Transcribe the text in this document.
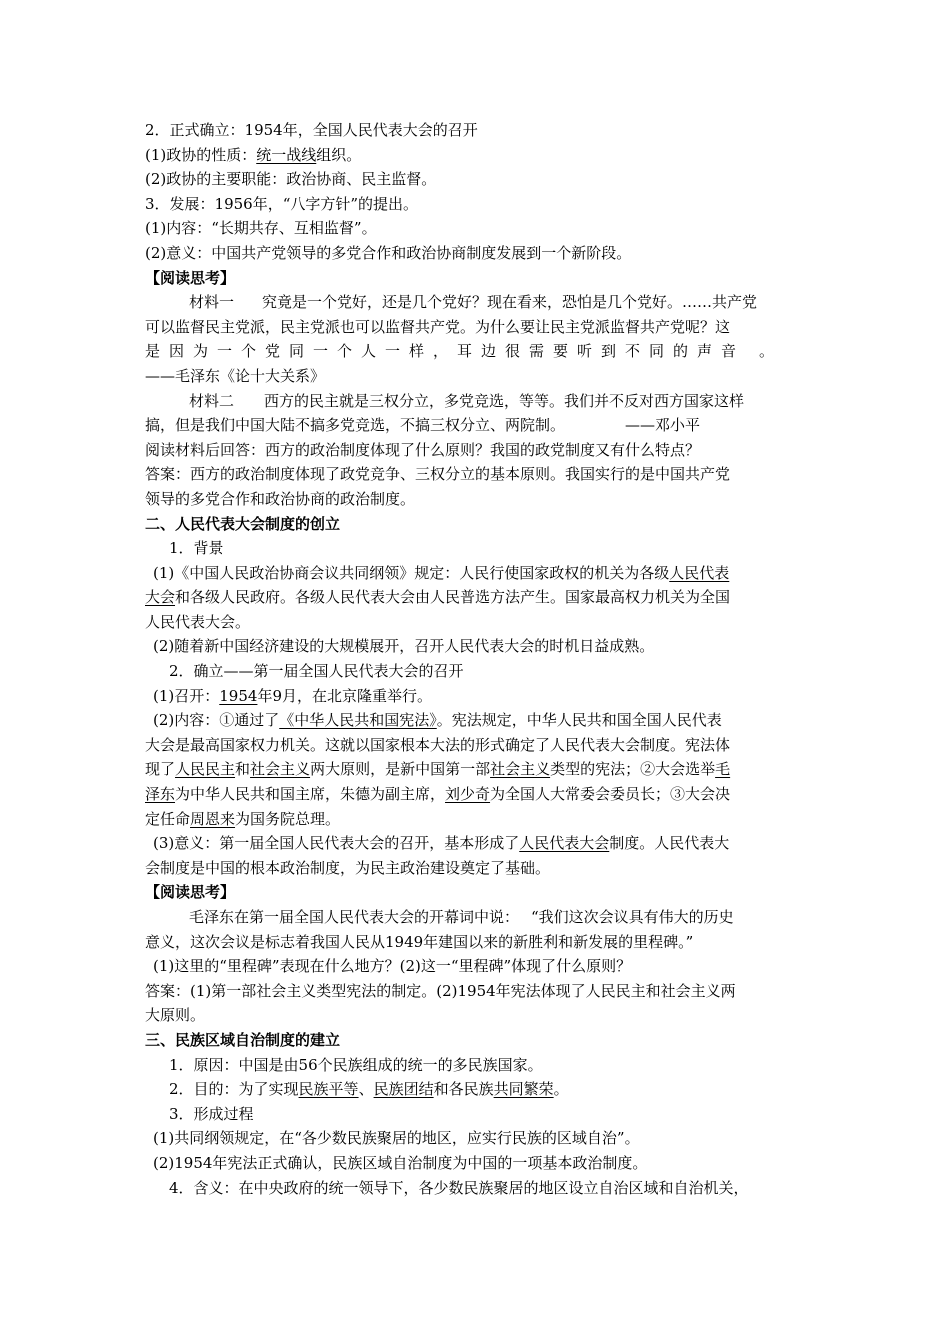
2．正式确立：1954年，全国人民代表大会的召开
(1)政协的性质：统一战线组织。
(2)政协的主要职能：政治协商、民主监督。
3．发展：1956年，“八字方针”的提出。
(1)内容：“长期共存、互相监督”。
(2)意义：中国共产党领导的多党合作和政治协商制度发展到一个新阶段。
【阅读思考】
材料一 究竟是一个党好，还是几个党好？现在看来，恐怕是几个党好。……共产党
可以监督民主党派，民主党派也可以监督共产党。为什么要让民主党派监督共产党呢？这
是因为一个党同一个人一样，耳边很需要听到不同的声音 。
——毛泽东《论十大关系》
材料二 西方的民主就是三权分立，多党竞选，等等。我们并不反对西方国家这样
搞，但是我们中国大陆不搞多党竞选，不搞三权分立、两院制。	——邓小平
阅读材料后回答：西方的政治制度体现了什么原则？我国的政党制度又有什么特点？
答案：西方的政治制度体现了政党竞争、三权分立的基本原则。我国实行的是中国共产党
领导的多党合作和政治协商的政治制度。
二、人民代表大会制度的创立
1．背景
(1)《中国人民政治协商会议共同纲领》规定：人民行使国家政权的机关为各级人民代表
大会和各级人民政府。各级人民代表大会由人民普选方法产生。国家最高权力机关为全国
人民代表大会。
(2)随着新中国经济建设的大规模展开，召开人民代表大会的时机日益成熟。
2．确立——第一届全国人民代表大会的召开
(1)召开：1954年9月，在北京隆重举行。
(2)内容：①通过了《中华人民共和国宪法》。宪法规定，中华人民共和国全国人民代表
大会是最高国家权力机关。这就以国家根本大法的形式确定了人民代表大会制度。宪法体
现了人民民主和社会主义两大原则，是新中国第一部社会主义类型的宪法；②大会选举毛
泽东为中华人民共和国主席，朱德为副主席，刘少奇为全国人大常委会委员长；③大会决
定任命周恩来为国务院总理。
(3)意义：第一届全国人民代表大会的召开，基本形成了人民代表大会制度。人民代表大
会制度是中国的根本政治制度，为民主政治建设奠定了基础。
【阅读思考】
毛泽东在第一届全国人民代表大会的开幕词中说： “我们这次会议具有伟大的历史
意义，这次会议是标志着我国人民从1949年建国以来的新胜利和新发展的里程碑。”
(1)这里的“里程碑”表现在什么地方？(2)这一“里程碑”体现了什么原则？
答案：(1)第一部社会主义类型宪法的制定。(2)1954年宪法体现了人民民主和社会主义两
大原则。
三、民族区域自治制度的建立
1．原因：中国是由56个民族组成的统一的多民族国家。
2．目的：为了实现民族平等、民族团结和各民族共同繁荣。
3．形成过程
(1)共同纲领规定，在“各少数民族聚居的地区，应实行民族的区域自治”。
(2)1954年宪法正式确认，民族区域自治制度为中国的一项基本政治制度。
4．含义：在中央政府的统一领导下，各少数民族聚居的地区设立自治区域和自治机关，
